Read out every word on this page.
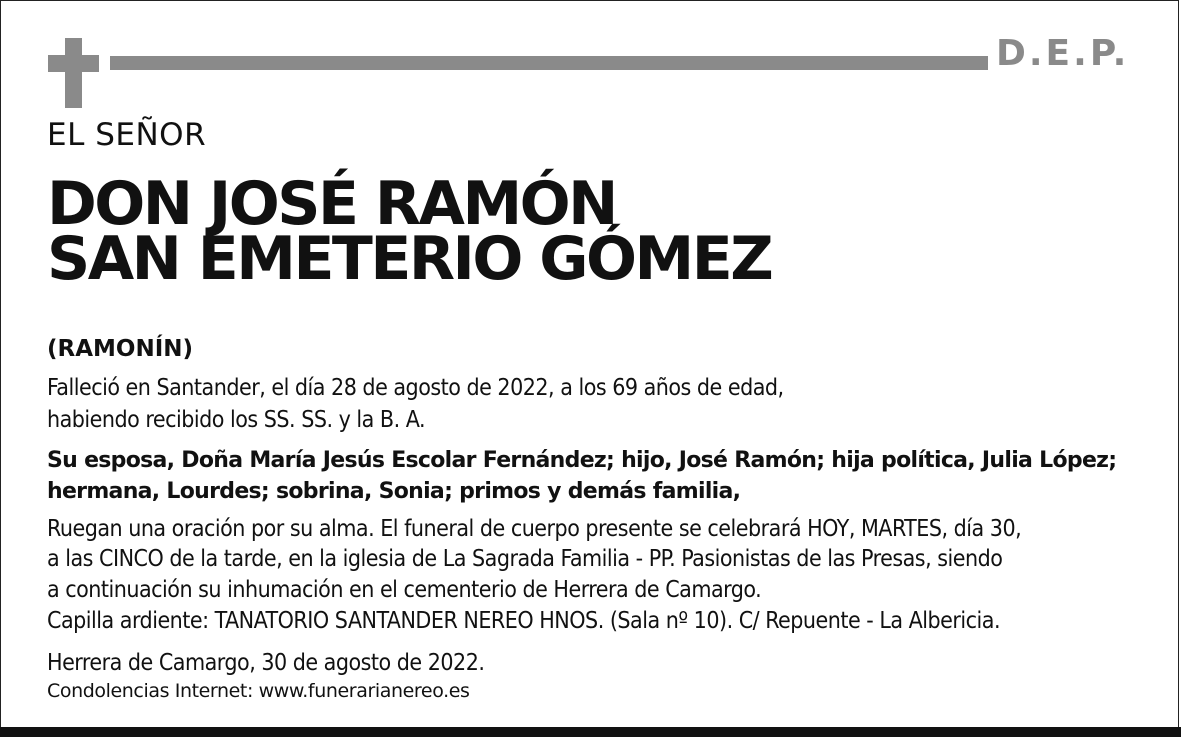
D.E.P.
EL SEÑOR
DON JOSÉ RAMÓN
SAN EMETERIO GÓMEZ
(RAMONÍN)
Falleció en Santander, el día 28 de agosto de 2022, a los 69 años de edad,
habiendo recibido los SS. SS. y la B. A.
Su esposa, Doña María Jesús Escolar Fernández; hijo, José Ramón; hija política, Julia López;
hermana, Lourdes; sobrina, Sonia; primos y demás familia,
Ruegan una oración por su alma. El funeral de cuerpo presente se celebrará HOY, MARTES, día 30,
a las CINCO de la tarde, en la iglesia de La Sagrada Familia - PP. Pasionistas de las Presas, siendo
a continuación su inhumación en el cementerio de Herrera de Camargo.
Capilla ardiente: TANATORIO SANTANDER NEREO HNOS. (Sala nº 10). C/ Repuente - La Albericia.
Herrera de Camargo, 30 de agosto de 2022.
Condolencias Internet: www.funerarianereo.es
